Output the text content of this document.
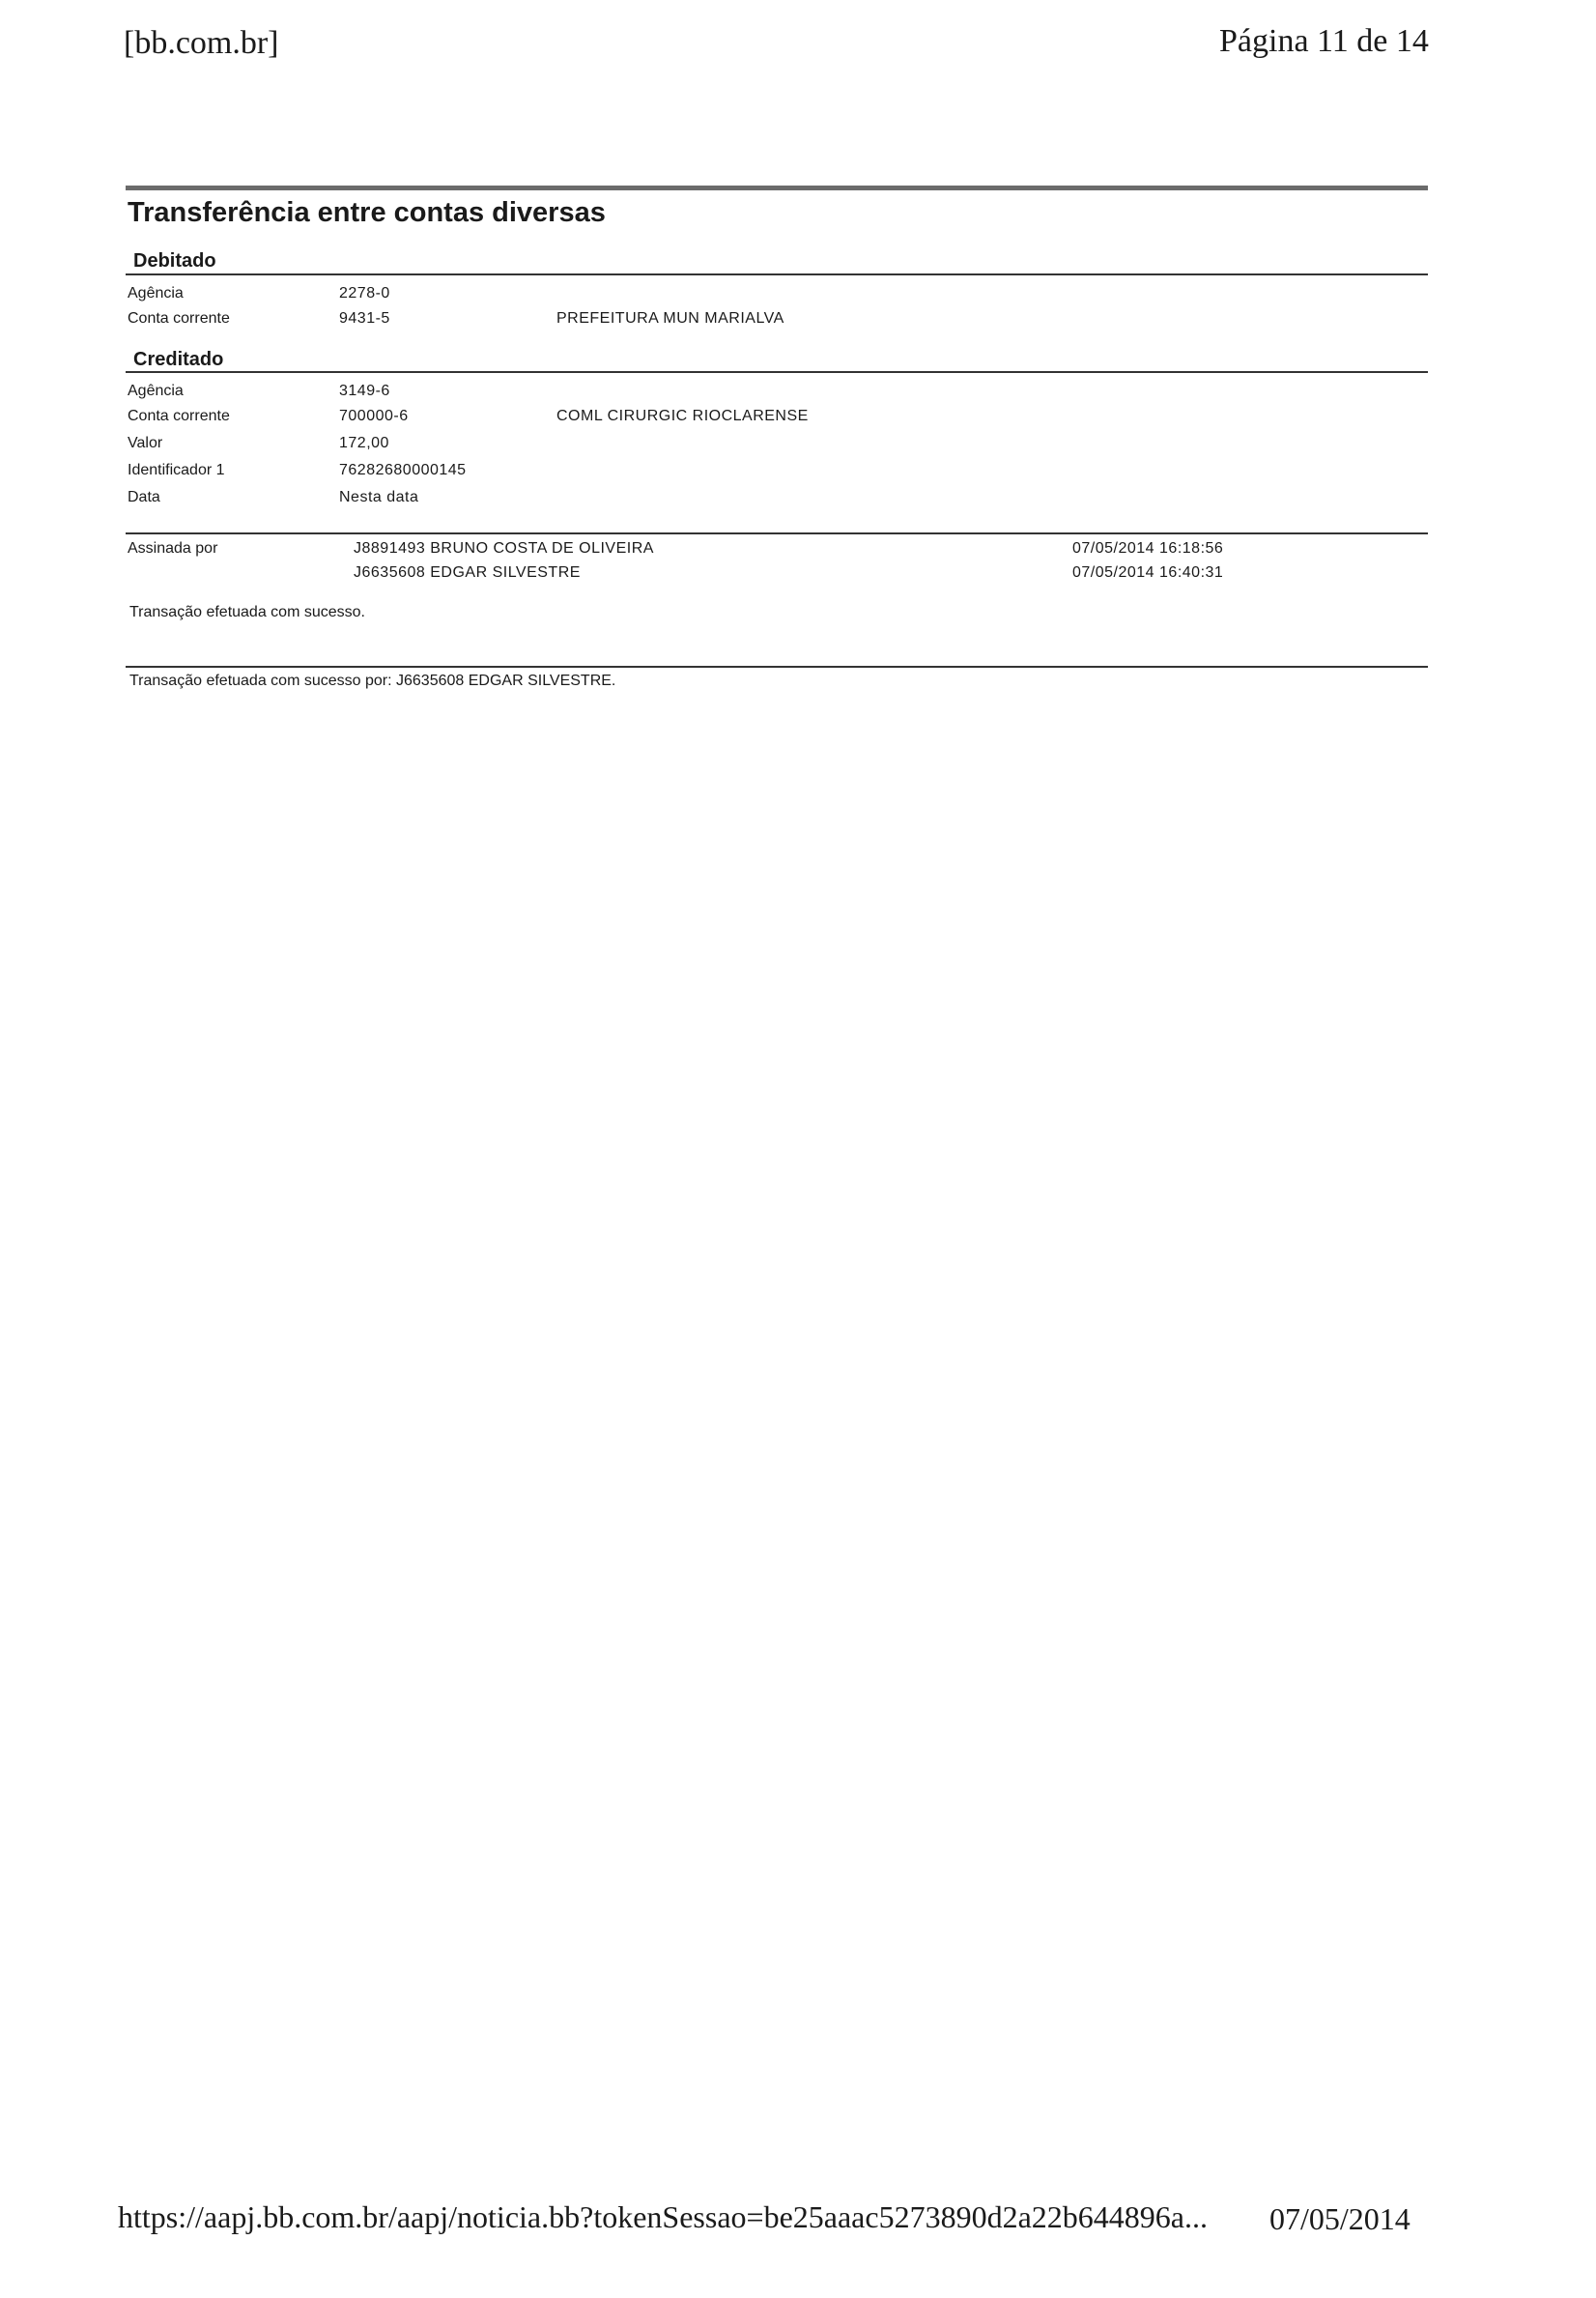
[bb.com.br]	Página 11 de 14
Transferência entre contas diversas
Debitado
Agência	2278-0
Conta corrente	9431-5	PREFEITURA MUN MARIALVA
Creditado
Agência	3149-6
Conta corrente	700000-6	COML CIRURGIC RIOCLARENSE
Valor	172,00
Identificador 1	76282680000145
Data	Nesta data
Assinada por	J8891493 BRUNO COSTA DE OLIVEIRA	07/05/2014 16:18:56
J6635608 EDGAR SILVESTRE	07/05/2014 16:40:31
Transação efetuada com sucesso.
Transação efetuada com sucesso por: J6635608 EDGAR SILVESTRE.
https://aapj.bb.com.br/aapj/noticia.bb?tokenSessao=be25aaac5273890d2a22b644896a... 07/05/2014
